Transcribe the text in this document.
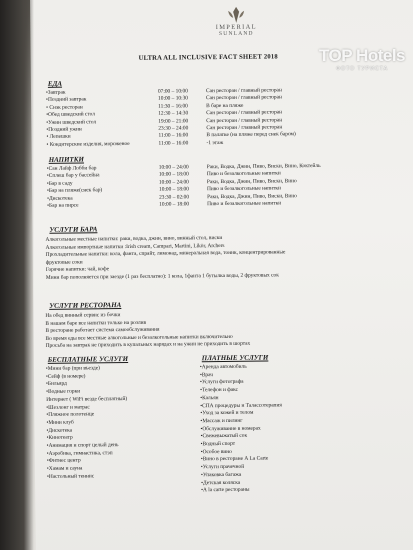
IMPERIAL
SUNLAND
ULTRA ALL INCLUSIVE FACT SHEET 2018
ЕДА
•Завтрак	07:00 – 10:00	Сан ресторан / главный ресторан
•Поздний завтрак	10:00 – 10:30	Сан ресторан / главный ресторан
• Снэк ресторан	11:30 – 16:00	В баре на пляже
•Обед шведский стол	12:30 – 14:30	Сан ресторан / главный ресторан
•Ужин шведский стол	19:00 – 21:00	Сан ресторан / главный ресторан
•Поздний ужин	23:30 – 24:00	Сан ресторан / главный ресторан
• Лепешки	11:00 – 16:00	В палатке (на пляже перед снек баром)
• Кондитерские изделия, мороженое	11:00 – 16:00	-1 этаж
НАПИТКИ
•Сан Лайф Лобби бар	10:00 – 24:00	Раки, Водка, Джин, Пиво, Виски, Вино, Коктейль
•Сплеш бар у бассейна	10:00 – 18:00	Пиво и безалкогольные напитки
•Бар в саду	10:00 – 24:00	Раки, Водка, Джин, Пиво, Виски, Вино
•Бар на пляже(снек бар)	10:00 – 18:00	Пиво и безалкогольные напитки
•Дискотека	23:30 – 02:00	Раки, Водка, Джин, Пиво, Виски, Вино
•Бар на пирсе	10:00 – 18:00	Пиво и безалкогольные напитки
УСЛУГИ БАРА
Алкогольные местные напитки: раки, водка, джин, вино, винный стол, виски
Алкогольные импортные напитки :Irish cream, Campari, Martini, Likör, Archers
Прохладительные напитки: кола, фанта, спрайт, лимонад, минеральная вода, тоник, концентрированные
фруктовые соки
Горячие напитки: чай, кофе
Мини бар пополняется при заезде (1 раз бесплатно): 1 кола, 1фанта 1 бутылка воды, 2 фруктовых сок
УСЛУГИ РЕСТОРАНА
На обед винный сервис из бочки
В нашем баре все напитки только на розлив
В ресторане работает система самообслуживания
Во время еды все местные алкогольные и безалкогольные напитки включительно
Просьба на завтрак не приходить в купальных нарядах и на ужин не приходить в шортах
БЕСПЛАТНЫЕ УСЛУГИ
•Мини бар (при въезде)
•Сейф (в номере)
•Бильярд
•Водные горки
Интернет ( WiFi везде бесплатный)
•Шезлонг и матрас
•Пляжное полотенце
•Мини клуб
•Дискотека
•Кинотеатр
•Анимация и спорт целый день
•Аэробика, гимнастика, стэп
•Фитнес центр
•Хамам и сауна
•Настольный теннис
ПЛАТНЫЕ УСЛУГИ
•Аренда автомобиль
•Врач
•Услуги фотографа
•Телефон и факс
•Кальян
•СПА процедуры и Талассотерапия
•Уход за кожей и телом
•Массаж и пилинг
•Обслуживание в номерах
•Свежевыжатый сок
•Водный спорт
•Особое вино
•Вино в ресторане А La Carte
•Услуги прачечной
•Упаковка багажа
•Детская коляска
•А la carte рестораны
TOP Hotels
ФОТО ТУРИСТА
